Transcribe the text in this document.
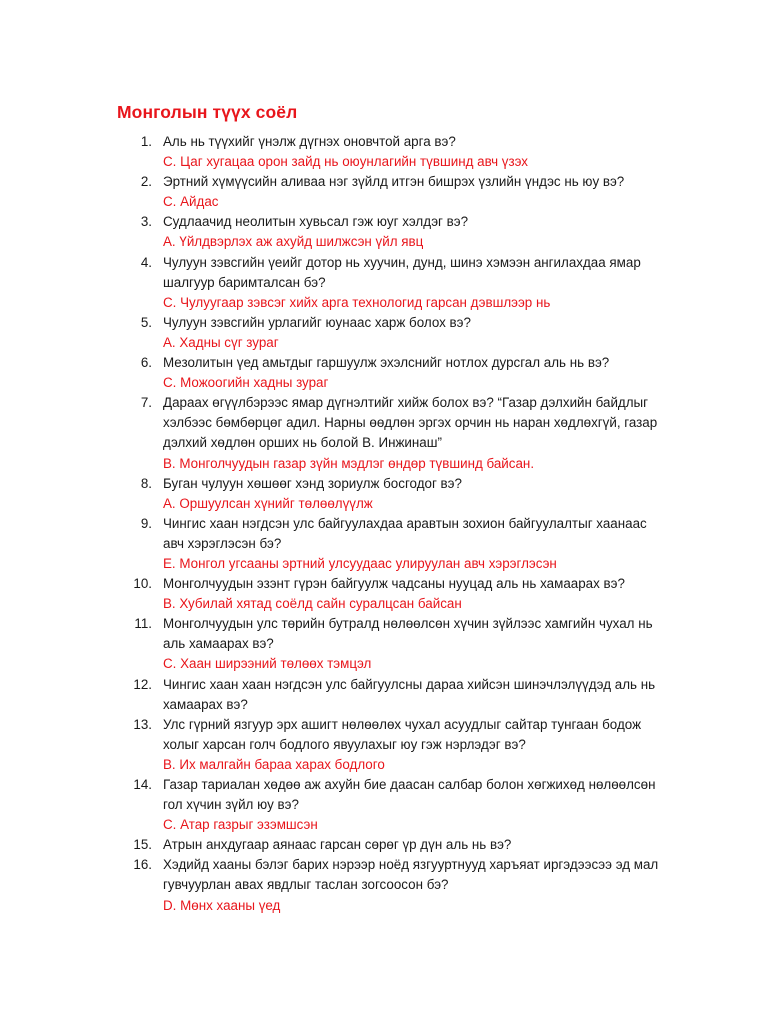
Монголын түүх соёл
1. Аль нь түүхийг үнэлж дүгнэх оновчтой арга вэ?
C. Цаг хугацаа орон зайд нь оюунлагийн түвшинд авч үзэх
2. Эртний хүмүүсийн аливаа нэг зүйлд итгэн бишрэх үзлийн үндэс нь юу вэ?
C. Айдас
3. Судлаачид неолитын хувьсал гэж юуг хэлдэг вэ?
A. Үйлдвэрлэх аж ахуйд шилжсэн үйл явц
4. Чулуун зэвсгийн үеийг дотор нь хуучин, дунд, шинэ хэмээн ангилахдаа ямар шалгуур баримталсан бэ?
C. Чулуугаар зэвсэг хийх арга технологид гарсан дэвшлээр нь
5. Чулуун зэвсгийн урлагийг юунаас харж болох вэ?
A. Хадны сүг зураг
6. Мезолитын үед амьтдыг гаршуулж эхэлснийг нотлох дурсгал аль нь вэ?
C. Можоогийн хадны зураг
7. Дараах өгүүлбэрээс ямар дүгнэлтийг хийж болох вэ? “Газар дэлхийн байдлыг хэлбээс бөмбөрцөг адил. Нарны өөдлөн эргэх орчин нь наран хөдлөхгүй, газар дэлхий хөдлөн орших нь болой В. Инжинаш”
B. Монголчуудын газар зүйн мэдлэг өндөр түвшинд байсан.
8. Буган чулуун хөшөөг хэнд зориулж босгодог вэ?
A. Оршуулсан хүнийг төлөөлүүлж
9. Чингис хаан нэгдсэн улс байгуулахдаа аравтын зохион байгуулалтыг хаанаас авч хэрэглэсэн бэ?
E. Монгол угсааны эртний улсуудаас улируулан авч хэрэглэсэн
10. Монголчуудын эзэнт гүрэн байгуулж чадсаны нууцад аль нь хамаарах вэ?
B. Хубилай хятад соёлд сайн суралцсан байсан
11. Монголчуудын улс төрийн бутралд нөлөөлсөн хүчин зүйлээс хамгийн чухал нь аль хамаарах вэ?
C. Хаан ширээний төлөөх тэмцэл
12. Чингис хаан хаан нэгдсэн улс байгуулсны дараа хийсэн шинэчлэлүүдэд аль нь хамаарах вэ?
13. Улс гүрний язгуур эрх ашигт нөлөөлөх чухал асуудлыг сайтар тунгаан бодож холыг харсан голч бодлого явуулахыг юу гэж нэрлэдэг вэ?
B. Их малгайн бараа харах бодлого
14. Газар тариалан хөдөө аж ахуйн бие даасан салбар болон хөгжихөд нөлөөлсөн гол хүчин зүйл юу вэ?
C. Атар газрыг эзэмшсэн
15. Атрын анхдугаар аянаас гарсан сөрөг үр дүн аль нь вэ?
16. Хэдийд хааны бэлэг барих нэрээр ноёд язгууртнууд харъяат иргэдээсээ эд мал гувчуурлан авах явдлыг таслан зогсоосон бэ?
D. Мөнх хааны үед
